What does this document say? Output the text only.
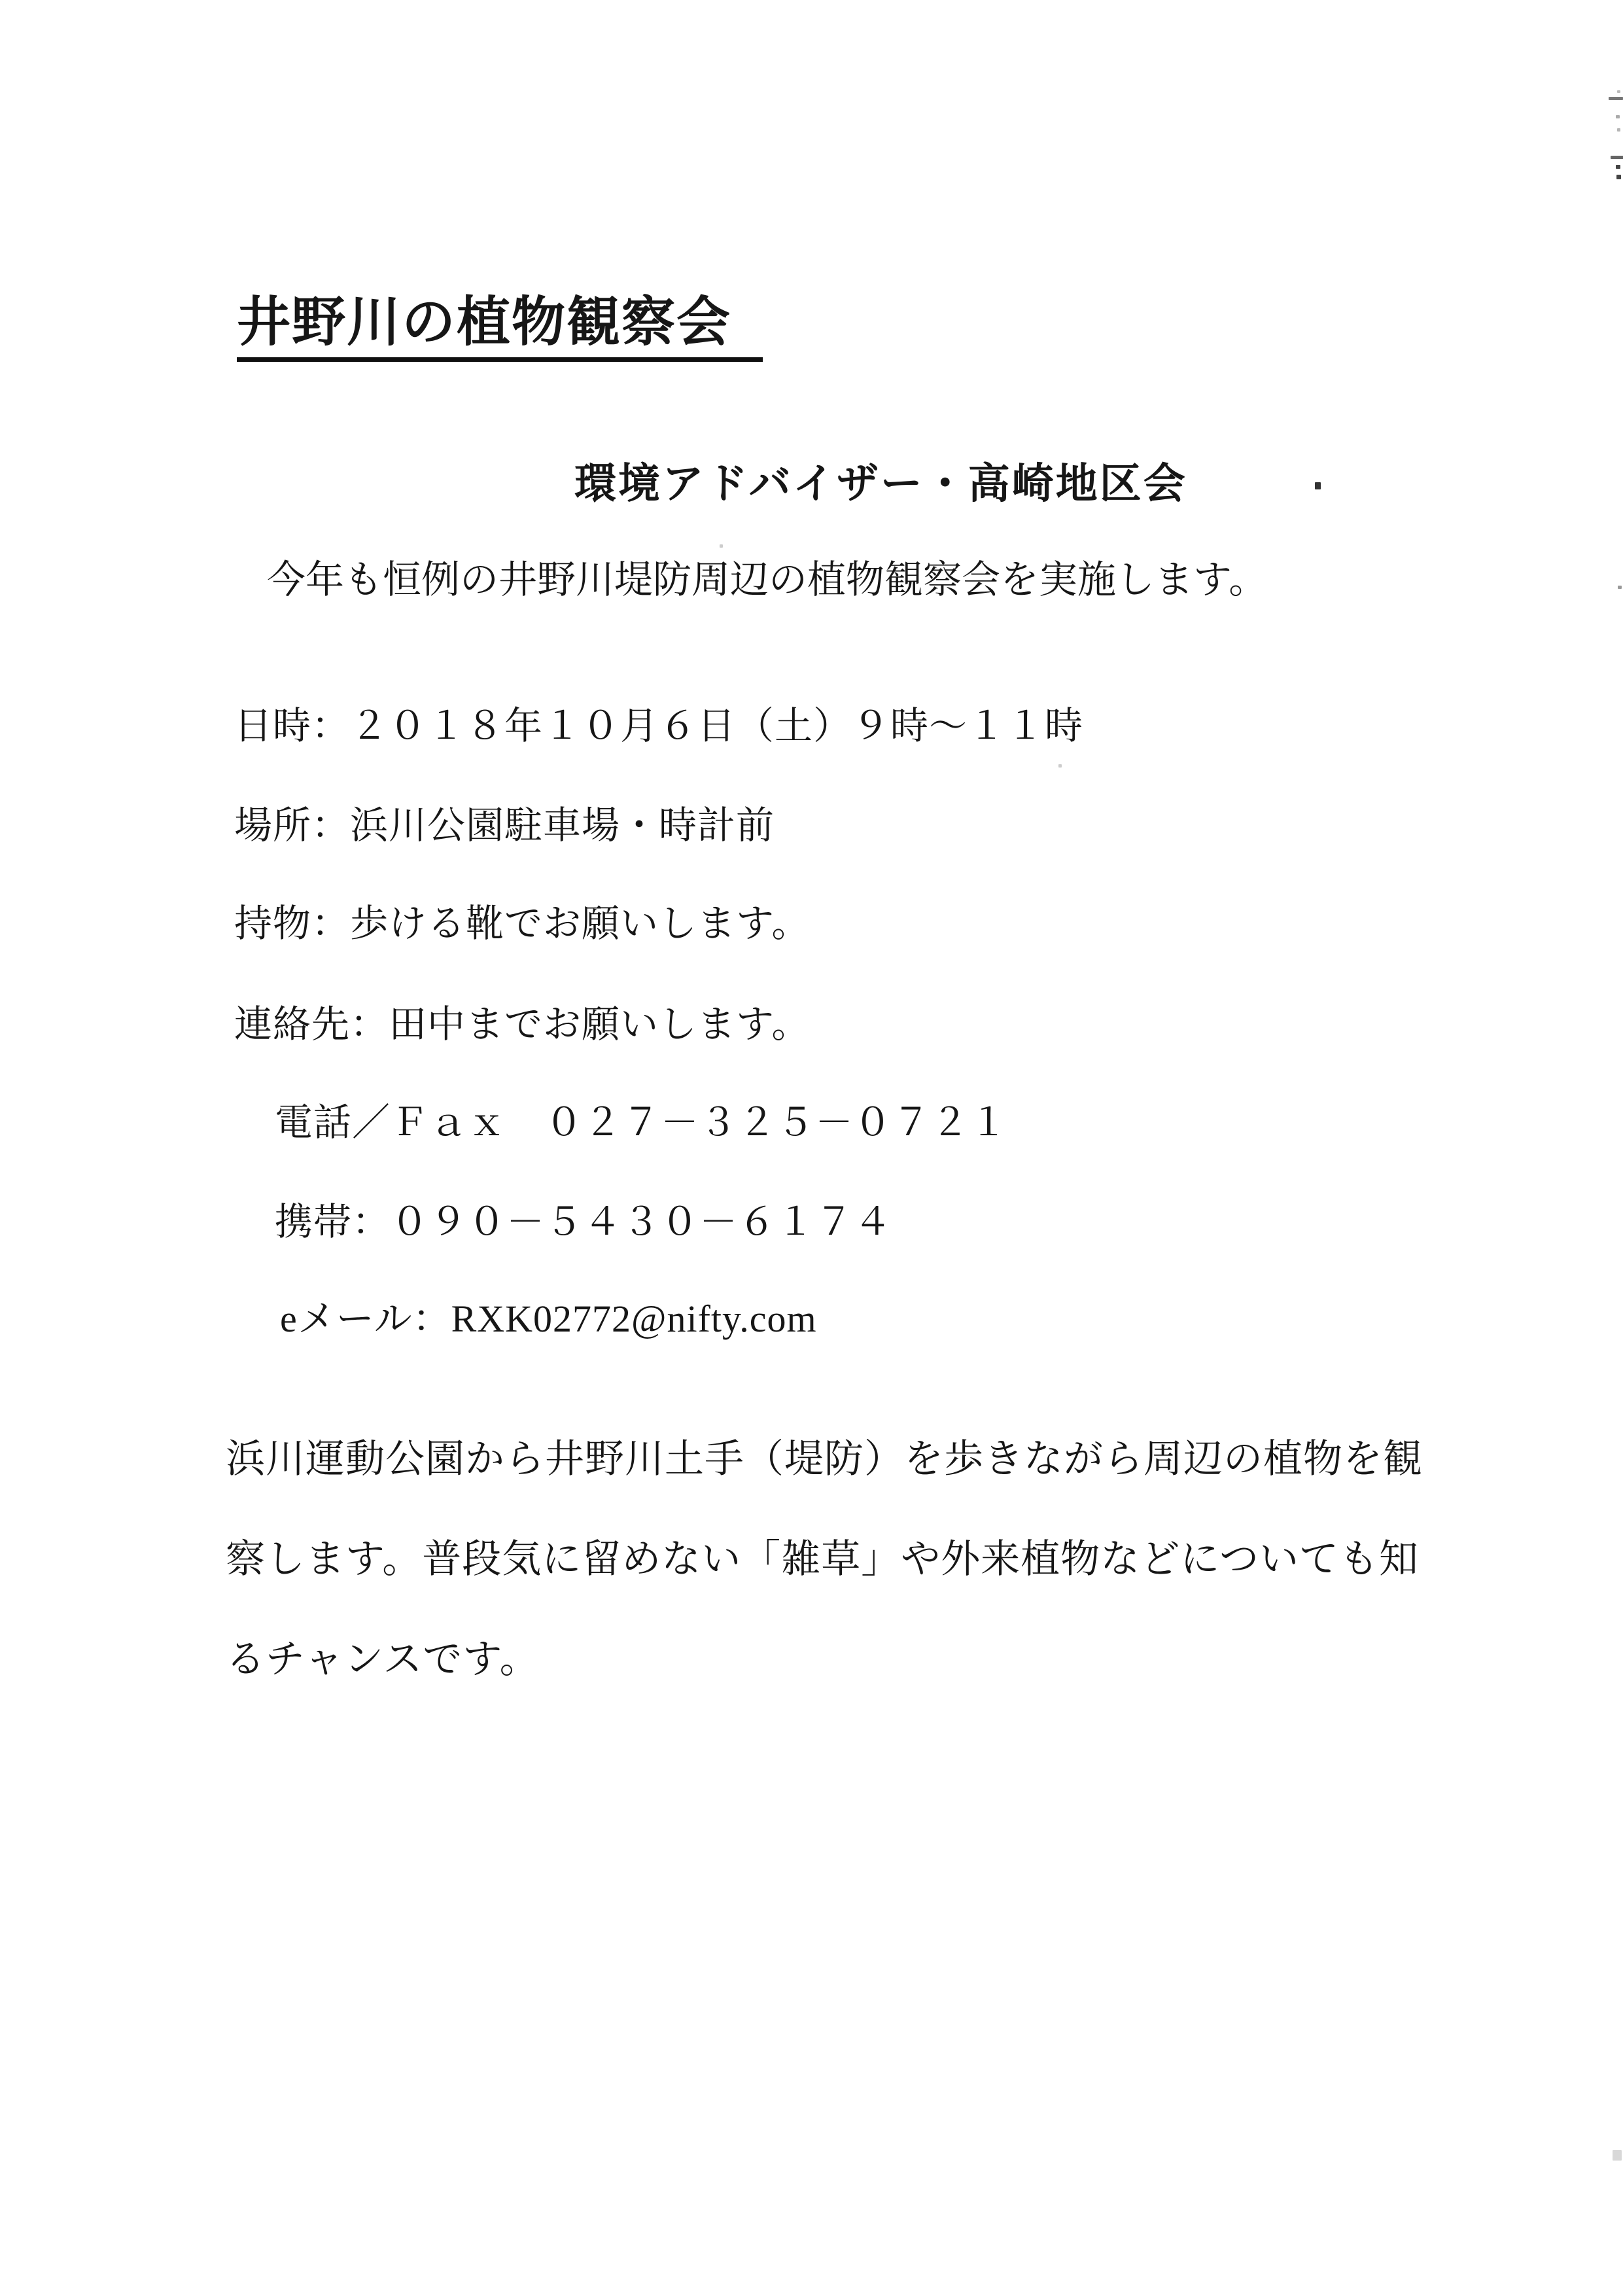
井野川の植物観察会
環境アドバイザー・高崎地区会
今年も恒例の井野川堤防周辺の植物観察会を実施します。
日時：２０１８年１０月６日（土）９時～１１時
場所：浜川公園駐車場・時計前
持物：歩ける靴でお願いします。
連絡先：田中までお願いします。
電話／Ｆａｘ　０２７－３２５－０７２１
携帯：０９０－５４３０－６１７４
eメール：RXK02772@nifty.com
浜川運動公園から井野川土手（堤防）を歩きながら周辺の植物を観
察します。普段気に留めない「雑草」や外来植物などについても知
るチャンスです。
